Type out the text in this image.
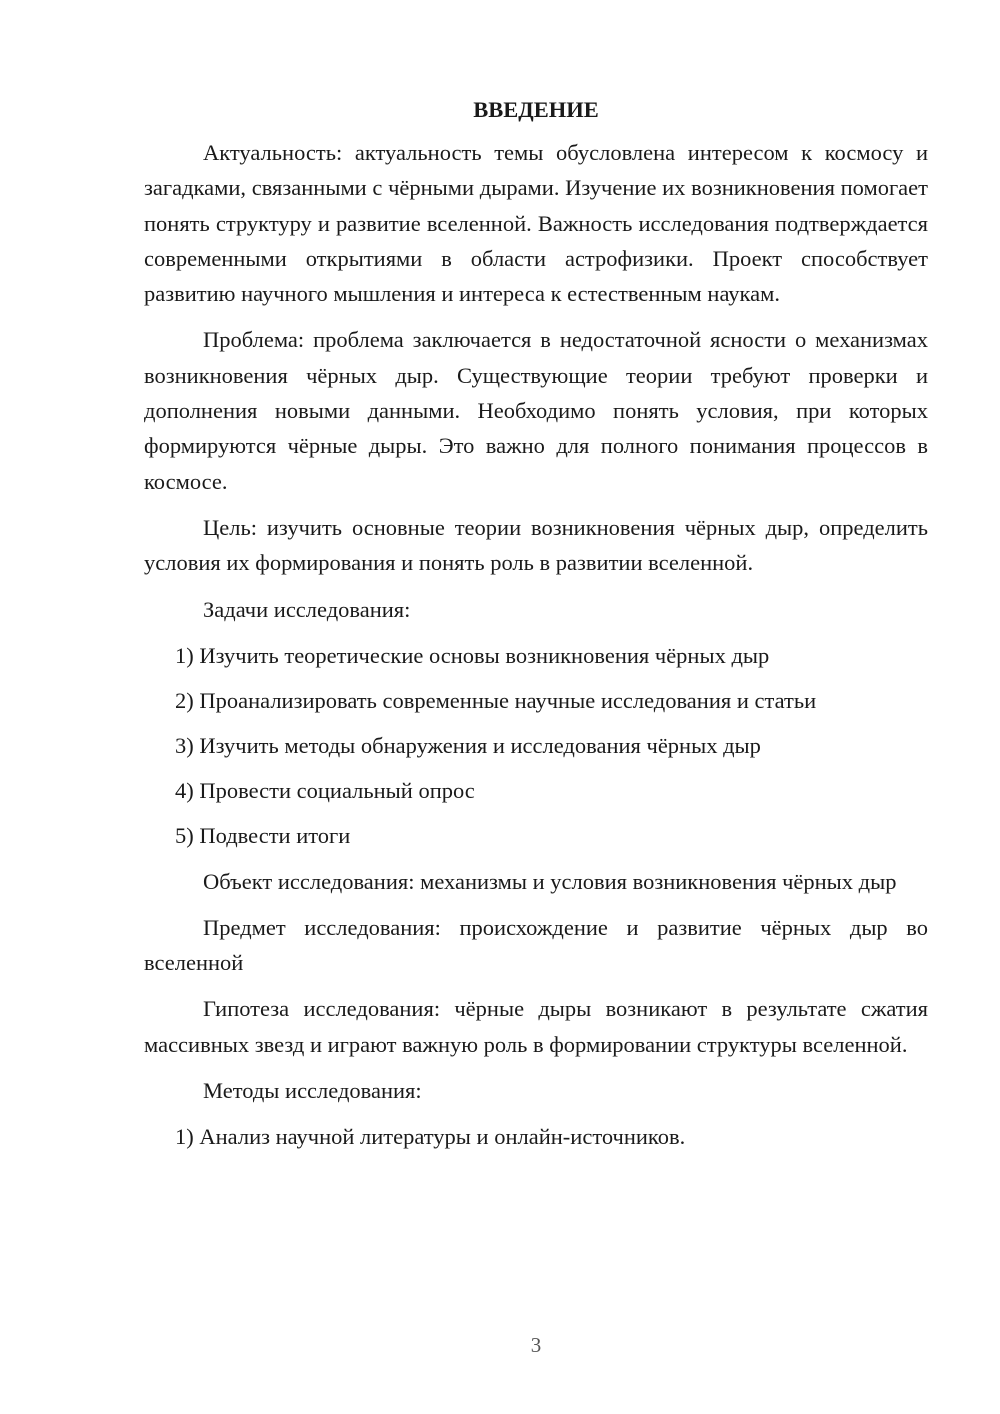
ВВЕДЕНИЕ

Актуальность: актуальность темы обусловлена интересом к космосу и загадками, связанными с чёрными дырами. Изучение их возникновения помогает понять структуру и развитие вселенной. Важность исследования подтверждается современными открытиями в области астрофизики. Проект способствует развитию научного мышления и интереса к естественным наукам.

Проблема: проблема заключается в недостаточной ясности о механизмах возникновения чёрных дыр. Существующие теории требуют проверки и дополнения новыми данными. Необходимо понять условия, при которых формируются чёрные дыры. Это важно для полного понимания процессов в космосе.

Цель: изучить основные теории возникновения чёрных дыр, определить условия их формирования и понять роль в развитии вселенной.

Задачи исследования:
1) Изучить теоретические основы возникновения чёрных дыр
2) Проанализировать современные научные исследования и статьи
3) Изучить методы обнаружения и исследования чёрных дыр
4) Провести социальный опрос
5) Подвести итоги

Объект исследования: механизмы и условия возникновения чёрных дыр

Предмет исследования: происхождение и развитие чёрных дыр во вселенной

Гипотеза исследования: чёрные дыры возникают в результате сжатия массивных звезд и играют важную роль в формировании структуры вселенной.

Методы исследования:
1) Анализ научной литературы и онлайн-источников.
3
